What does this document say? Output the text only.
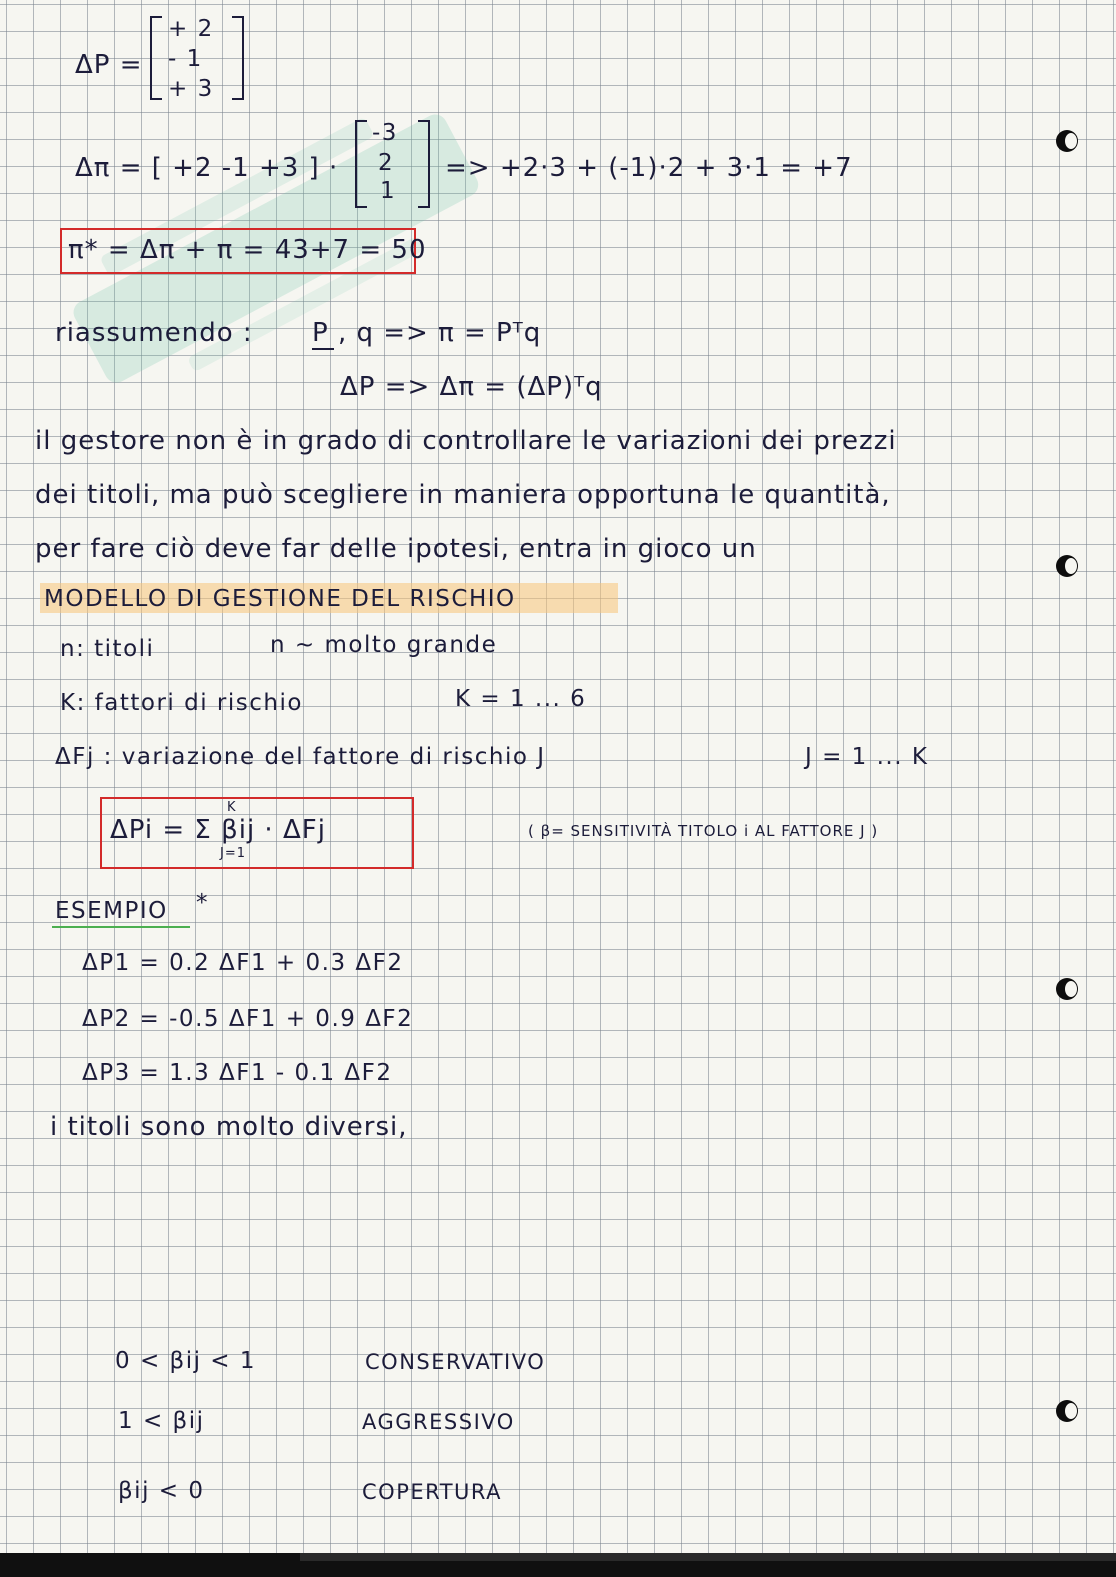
ΔP =
+ 2
- 1
+ 3
Δπ = [ +2 -1 +3 ] ·
-3
2
1
=> +2·3 + (-1)·2 + 3·1 = +7
π* = Δπ + π = 43+7 = 50
riassumendo : P , q => π = Pᵀq
ΔP => Δπ = (ΔP)ᵀq
il gestore non è in grado di controllare le variazioni dei prezzi
dei titoli, ma può scegliere in maniera opportuna le quantità,
per fare ciò deve far delle ipotesi, entra in gioco un
MODELLO DI GESTIONE DEL RISCHIO
n: titoli	n ~ molto grande
K: fattori di rischio	K = 1 ... 6
ΔFj : variazione del fattore di rischio J	J = 1 ... K
K
ΔPi = Σ βij · ΔFj
J=1
( β= SENSITIVITÀ TITOLO i AL FATTORE J )
ESEMPIO *
ΔP1 = 0.2 ΔF1 + 0.3 ΔF2
ΔP2 = -0.5 ΔF1 + 0.9 ΔF2
ΔP3 = 1.3 ΔF1 - 0.1 ΔF2
i titoli sono molto diversi,
0 < βij < 1	CONSERVATIVO
1 < βij	AGGRESSIVO
βij < 0	COPERTURA
